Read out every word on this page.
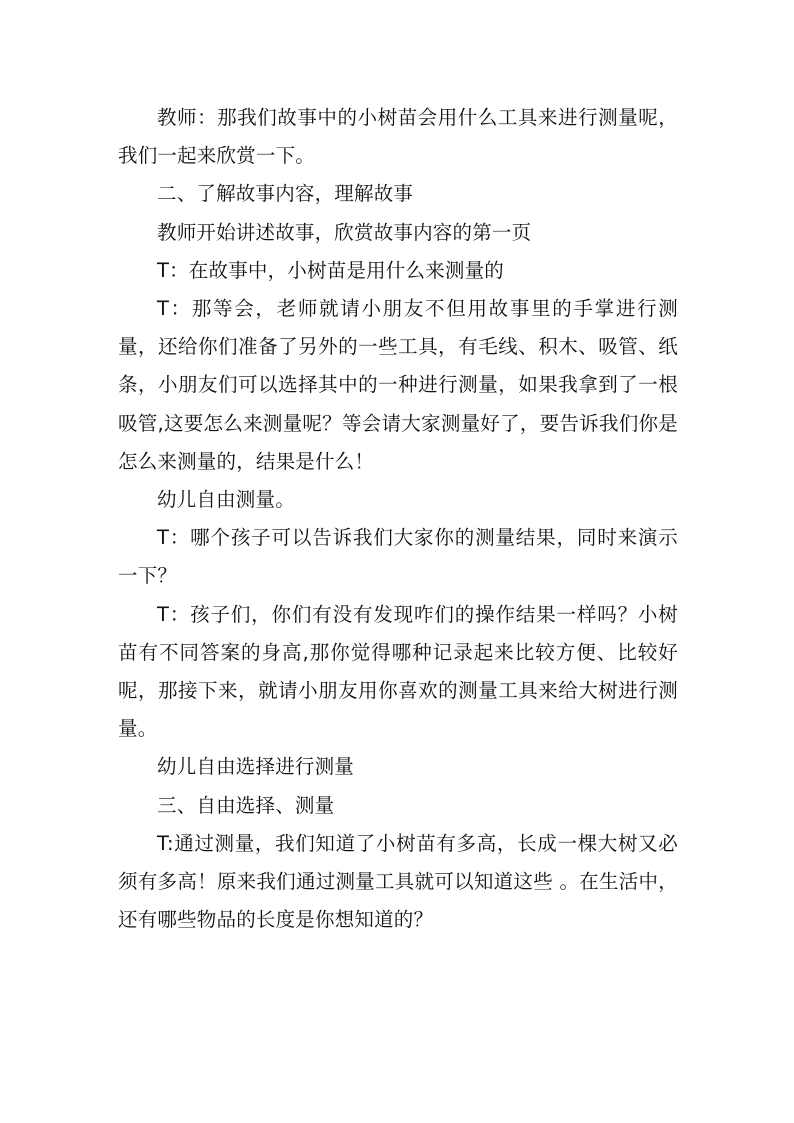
教师：那我们故事中的小树苗会用什么工具来进行测量呢，我们一起来欣赏一下。

二、了解故事内容，理解故事

教师开始讲述故事，欣赏故事内容的第一页

T：在故事中，小树苗是用什么来测量的

T：那等会，老师就请小朋友不但用故事里的手掌进行测量，还给你们准备了另外的一些工具，有毛线、积木、吸管、纸条，小朋友们可以选择其中的一种进行测量，如果我拿到了一根吸管,这要怎么来测量呢？等会请大家测量好了，要告诉我们你是怎么来测量的，结果是什么！

幼儿自由测量。

T：哪个孩子可以告诉我们大家你的测量结果，同时来演示一下？

T：孩子们，你们有没有发现咋们的操作结果一样吗？小树苗有不同答案的身高,那你觉得哪种记录起来比较方便、比较好呢，那接下来，就请小朋友用你喜欢的测量工具来给大树进行测量。

幼儿自由选择进行测量

三、自由选择、测量

T:通过测量，我们知道了小树苗有多高，长成一棵大树又必须有多高！原来我们通过测量工具就可以知道这些 。在生活中，还有哪些物品的长度是你想知道的？
